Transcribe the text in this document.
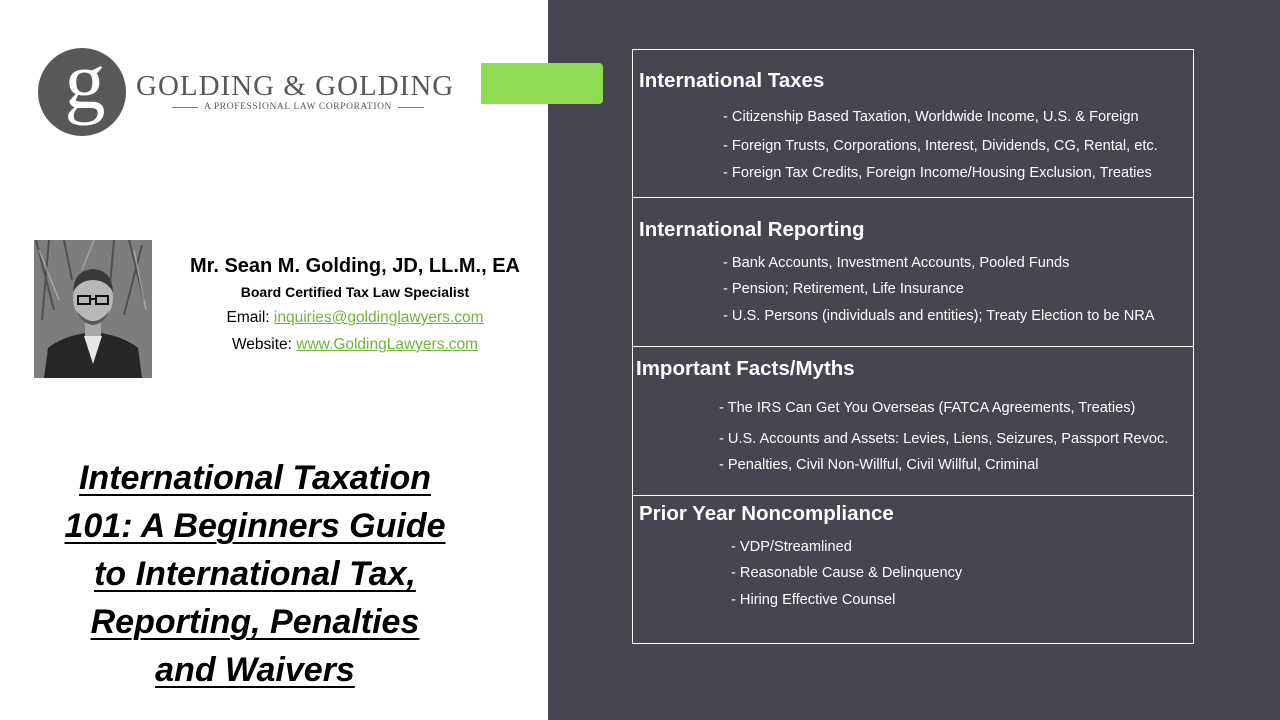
g GOLDING & GOLDING
A PROFESSIONAL LAW CORPORATION
Mr. Sean M. Golding, JD, LL.M., EA
Board Certified Tax Law Specialist
Email: inquiries@goldinglawyers.com
Website: www.GoldingLawyers.com
International Taxation
101: A Beginners Guide
to International Tax,
Reporting, Penalties
and Waivers
International Taxes
- Citizenship Based Taxation, Worldwide Income, U.S. & Foreign
- Foreign Trusts, Corporations, Interest, Dividends, CG, Rental, etc.
- Foreign Tax Credits, Foreign Income/Housing Exclusion, Treaties
International Reporting
- Bank Accounts, Investment Accounts, Pooled Funds
- Pension; Retirement, Life Insurance
- U.S. Persons (individuals and entities); Treaty Election to be NRA
Important Facts/Myths
- The IRS Can Get You Overseas (FATCA Agreements, Treaties)
- U.S. Accounts and Assets: Levies, Liens, Seizures, Passport Revoc.
- Penalties, Civil Non-Willful, Civil Willful, Criminal
Prior Year Noncompliance
- VDP/Streamlined
- Reasonable Cause & Delinquency
- Hiring Effective Counsel
